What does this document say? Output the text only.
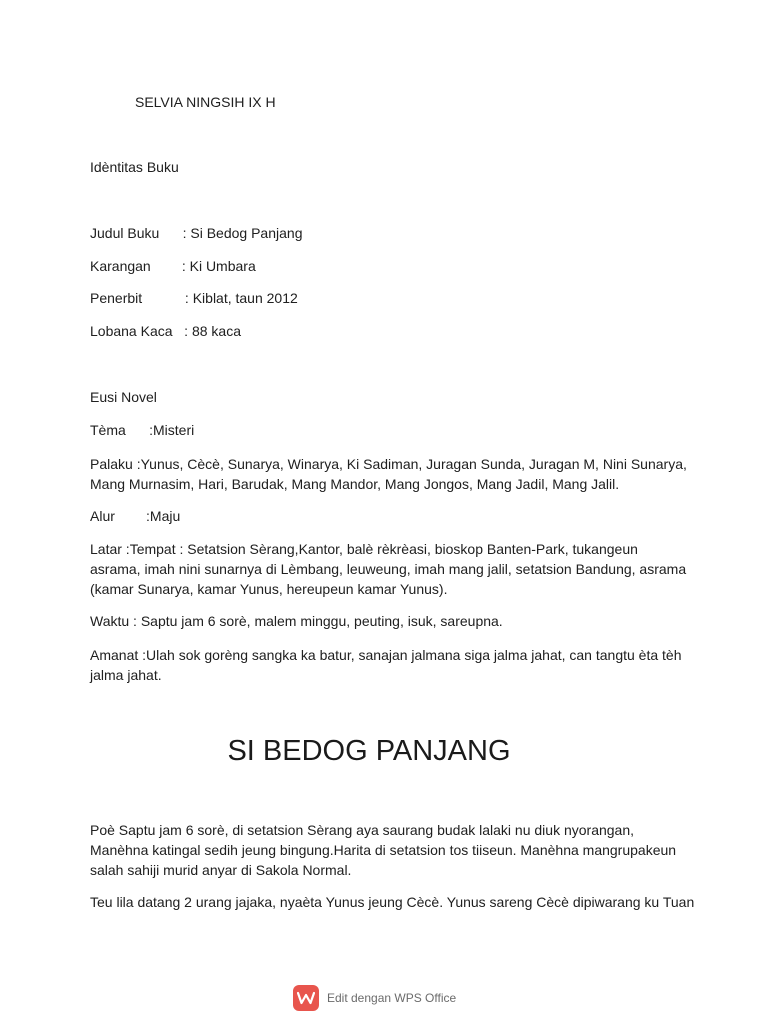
SELVIA NINGSIH IX H
Idèntitas Buku
Judul Buku      : Si Bedog Panjang
Karangan        : Ki Umbara
Penerbit           : Kiblat, taun 2012
Lobana Kaca   : 88 kaca
Eusi Novel
Tèma      :Misteri
Palaku :Yunus, Cècè, Sunarya, Winarya, Ki Sadiman, Juragan Sunda, Juragan M, Nini Sunarya, Mang Murnasim, Hari, Barudak, Mang Mandor, Mang Jongos, Mang Jadil, Mang Jalil.
Alur        :Maju
Latar :Tempat : Setatsion Sèrang,Kantor, balè rèkrèasi, bioskop Banten-Park, tukangeun asrama, imah nini sunarnya di Lèmbang, leuweung, imah mang jalil, setatsion Bandung, asrama (kamar Sunarya, kamar Yunus, hereupeun kamar Yunus).
Waktu : Saptu jam 6 sorè, malem minggu, peuting, isuk, sareupna.
Amanat :Ulah sok gorèng sangka ka batur, sanajan jalmana siga jalma jahat, can tangtu èta tèh jalma jahat.
SI BEDOG PANJANG
Poè Saptu jam 6 sorè, di setatsion Sèrang aya saurang budak lalaki nu diuk nyorangan, Manèhna katingal sedih jeung bingung.Harita di setatsion tos tiiseun. Manèhna mangrupakeun salah sahiji murid anyar di Sakola Normal.
Teu lila datang 2 urang jajaka, nyaèta Yunus jeung Cècè. Yunus sareng Cècè dipiwarang ku Tuan
Edit dengan WPS Office
